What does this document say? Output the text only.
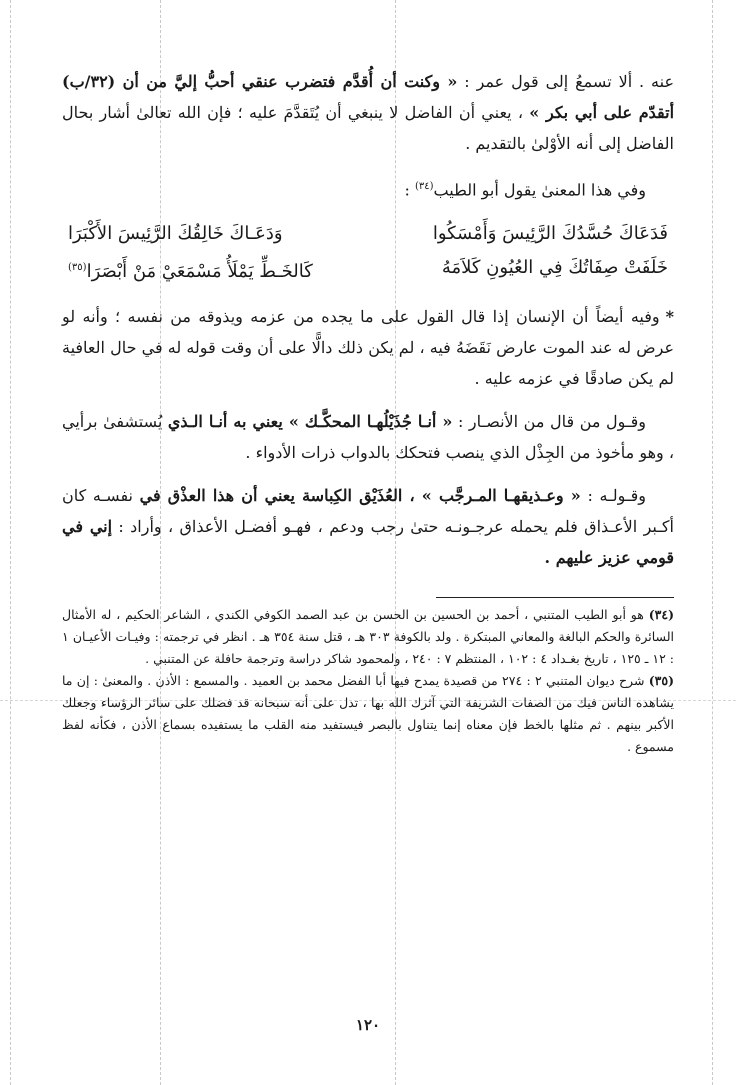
عنه . ألا تسمعُ إلى قول عمر : « وكنت أن أُقدَّم فتضرب عنقي أحبُّ إليَّ من أن (٣٢/ب) أتقدّم على أبي بكر » ، يعني أن الفاضل لا ينبغي أن يُتَقدَّمَ عليه ؛ فإن الله تعالىٰ أشار بحال الفاضل إلى أنه الأوْلىٰ بالتقديم .

وفي هذا المعنىٰ يقول أبو الطيب$^{(٣٤)}$ :

فَدَعَاكَ حُسَّدُكَ الرَّئِيسَ وَأَمْسَكُوا
وَدَعَـاكَ خَالِقُكَ الرَّئِيسَ الأَكْبَرَا
خَلَفَتْ صِفَاتُكَ فِي العُيُونِ كَلاَمَهُ
كَالخَـطِّ يَمْلَأُ مَسْمَعَيْ مَنْ أَبْصَرَا$^{(٣٥)}$

*وفيه أيضاً أن الإنسان إذا قال القول على ما يجده من عزمه ويذوقه من نفسه ؛ وأنه لو عرض له عند الموت عارض نَقَضَهُ فيه ، لم يكن ذلك دالًّا على أن وقت قوله له في حال العافية لم يكن صادقًا في عزمه عليه .

وقـول من قال من الأنصـار : « أنـا جُذَيْلُهـا المحكَّـك » يعني به أنـا الـذي يُستشفىٰ برأيي ، وهو مأخوذ من الجِذْل الذي ينصب فتحكك بالدواب ذرات الأدواء .

وقـولـه : « وعـذيقهـا المـرجَّب » ، العُذَيْق الكِباسة يعني أن هذا العذْق في نفسـه كان أكـبر الأعـذاق فلم يحمله عرجـونـه حتىٰ رجب ودعم ، فهـو أفضـل الأعذاق ، وأراد : إني في قومي عزيز عليهم .

(٣٤) هو أبو الطيب المتنبي ، أحمد بن الحسين بن الحسن بن عبد الصمد الكوفي الكندي ، الشاعر الحكيم ، له الأمثال السائرة والحكم البالغة والمعاني المبتكرة . ولد بالكوفة ٣٠٣ هـ ، قتل سنة ٣٥٤ هـ . انظر في ترجمته : وفيـات الأعيـان ١ : ١٢ ـ ١٢٥ ، تاريخ بغـداد ٤ : ١٠٢ ، المنتظم ٧ : ٢٤٠ ، ولمحمود شاكر دراسة وترجمة حافلة عن المتنبي .

(٣٥) شرح ديوان المتنبي ٢ : ٢٧٤ من قصيدة يمدح فيها أبا الفضل محمد بن العميد . والمسمع : الأذن . والمعنىٰ : إن ما يشاهده الناس فيك من الصفات الشريفة التي آثرك الله بها ، تدل على أنه سبحانه قد فضلك على سائر الرؤساء وجعلك الأكبر بينهم . ثم مثلها بالخط فإن معناه إنما يتناول بالبصر فيستفيد منه القلب ما يستفيده بسماع الأذن ، فكأنه لفظ مسموع .

١٢٠
